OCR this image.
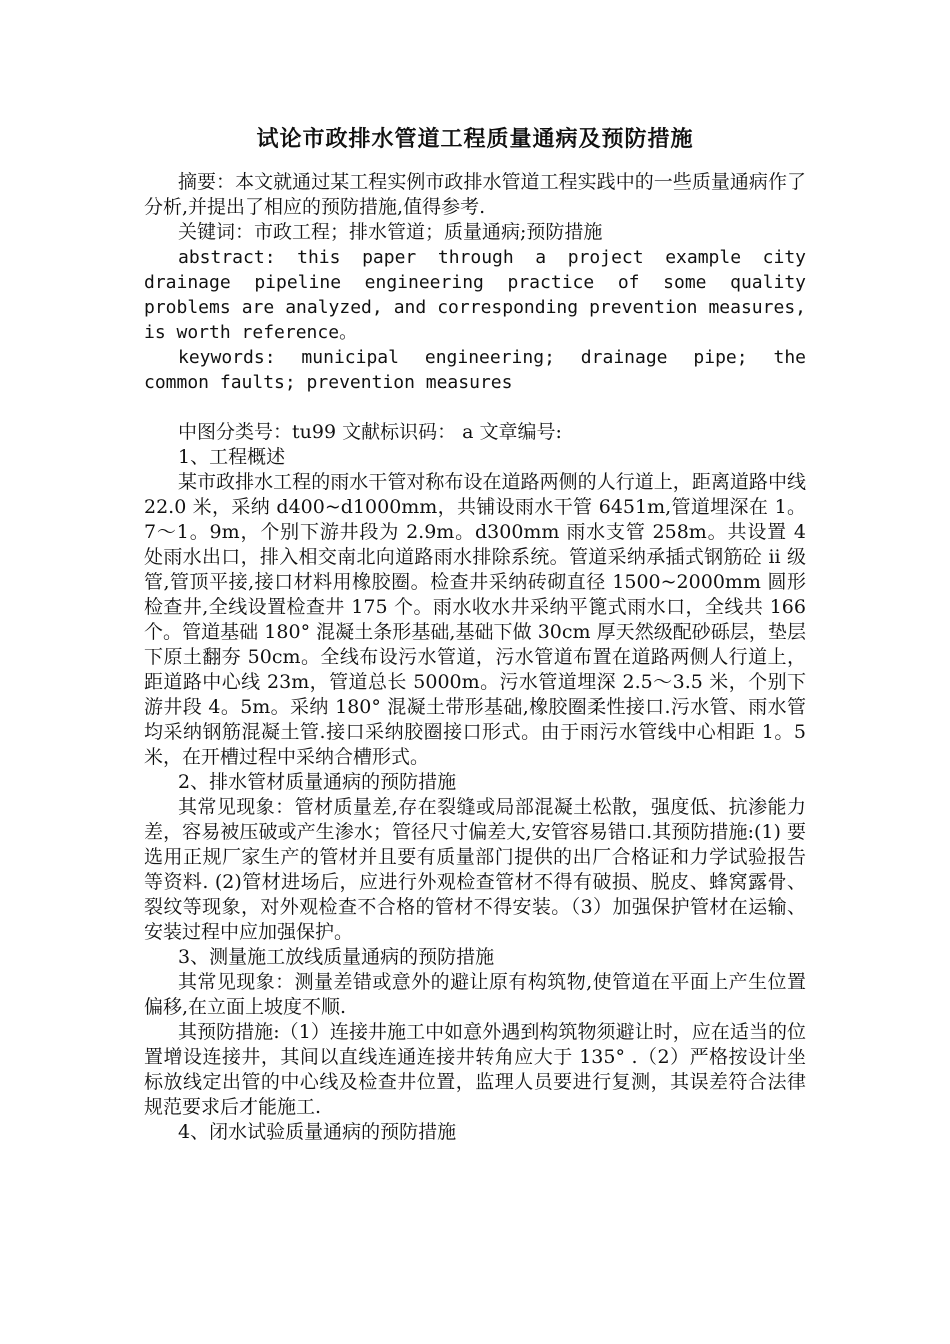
试论市政排水管道工程质量通病及预防措施

摘要：本文就通过某工程实例市政排水管道工程实践中的一些质量通病作了分析,并提出了相应的预防措施,值得参考.

关键词：市政工程；排水管道；质量通病;预防措施

abstract: this paper through a project example city drainage pipeline engineering practice of some quality problems are analyzed, and corresponding prevention measures, is worth reference。

keywords: municipal engineering; drainage pipe; the common faults; prevention measures

中图分类号：tu99 文献标识码： a 文章编号:

1、工程概述

某市政排水工程的雨水干管对称布设在道路两侧的人行道上，距离道路中线 22.0 米，采纳 d400~d1000mm，共铺设雨水干管 6451m,管道埋深在 1。7～1。9m，个别下游井段为 2.9m。d300mm 雨水支管 258m。共设置 4 处雨水出口，排入相交南北向道路雨水排除系统。管道采纳承插式钢筋砼 ii 级管,管顶平接,接口材料用橡胶圈。检查井采纳砖砌直径 1500~2000mm 圆形检查井,全线设置检查井 175 个。雨水收水井采纳平篦式雨水口，全线共 166 个。管道基础 180° 混凝土条形基础,基础下做 30cm 厚天然级配砂砾层，垫层下原土翻夯 50cm。全线布设污水管道，污水管道布置在道路两侧人行道上，距道路中心线 23m，管道总长 5000m。污水管道埋深 2.5～3.5 米，个别下游井段 4。5m。采纳 180° 混凝土带形基础,橡胶圈柔性接口.污水管、雨水管均采纳钢筋混凝土管.接口采纳胶圈接口形式。由于雨污水管线中心相距 1。5 米，在开槽过程中采纳合槽形式。

2、排水管材质量通病的预防措施

其常见现象：管材质量差,存在裂缝或局部混凝土松散，强度低、抗渗能力差，容易被压破或产生渗水；管径尺寸偏差大,安管容易错口.其预防措施:(1) 要选用正规厂家生产的管材并且要有质量部门提供的出厂合格证和力学试验报告等资料. (2)管材进场后，应进行外观检查管材不得有破损、脱皮、蜂窝露骨、裂纹等现象，对外观检查不合格的管材不得安装。（3）加强保护管材在运输、安装过程中应加强保护。

3、测量施工放线质量通病的预防措施

其常见现象：测量差错或意外的避让原有构筑物,使管道在平面上产生位置偏移,在立面上坡度不顺.

其预防措施:（1）连接井施工中如意外遇到构筑物须避让时，应在适当的位置增设连接井，其间以直线连通连接井转角应大于 135° .（2）严格按设计坐标放线定出管的中心线及检查井位置，监理人员要进行复测，其误差符合法律规范要求后才能施工.

4、闭水试验质量通病的预防措施
